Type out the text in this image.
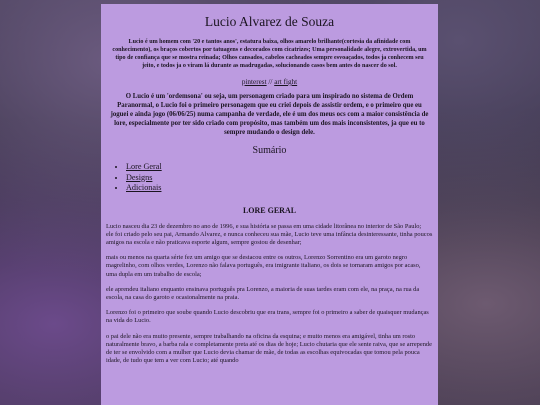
Lucio Alvarez de Souza
Lucio é um homem com '20 e tantos anos', estatura baixa, olhos amarelo brilhante(cortesia da afinidade com conhecimento), os braços cobertos por tatuagens e decorados com cicatrizes; Uma personalidade alegre, extrovertida, um tipo de confiança que se mostra reinada; Olhos cansados, cabelos cacheados sempre esvoaçados, todos ja conhecem seu jeito, e todos ja o viram lá durante as madrugadas, solucionando casos bem antes do nascer do sol.
pinterest // art fight
O Lucio é um 'ordemsona' ou seja, um personagem criado para um inspirado no sistema de Ordem Paranormal, o Lucio foi o primeiro personagem que eu criei depois de assistir ordem, e o primeiro que eu joguei e ainda jogo (06/06/25) numa campanha de verdade, ele é um dos meus ocs com a maior consistência de lore, especialmente por ter sido criado com propósito, mas também um dos mais inconsistentes, ja que eu to sempre mudando o design dele.
Sumário
• Lore Geral
• Designs
• Adicionais
LORE GERAL
Lucio nasceu dia 23 de dezembro no ano de 1996, e sua história se passa em uma cidade litorânea no interior de São Paulo;
ele foi criado pelo seu pai, Armando Alvarez, e nunca conheceu sua mãe, Lucio teve uma infância desinteressante, tinha poucos amigos na escola e não praticava esporte algum, sempre gostou de desenhar;
mais ou menos na quarta série fez um amigo que se destacou entre os outros, Lorenzo Sorrentino era um garoto negro magrelinho, com olhos verdes, Lorenzo não falava português, era imigrante italiano, os dois se tornaram amigos por acaso, uma dupla em um trabalho de escola;
ele aprendeu italiano enquanto ensinava português pra Lorenzo, a maioria de suas tardes eram com ele, na praça, na rua da escola, na casa do garoto e ocasionalmente na praia.
Lorenzo foi o primeiro que soube quando Lucio descobriu que era trans, sempre foi o primeiro a saber de quaisquer mudanças na vida do Lucio.
o pai dele não era muito presente, sempre trabalhando na oficina da esquina; e muito menos era amigável, tinha um rosto naturalmente bravo, a barba rala e completamente preta até os dias de hoje; Lucio chutaria que ele sente raiva, que se arrepende de ter se envolvido com a mulher que Lucio devia chamar de mãe, de todas as escolhas equivocadas que tomou pela pouca idade, de tudo que tem a ver com Lucio; até quando
